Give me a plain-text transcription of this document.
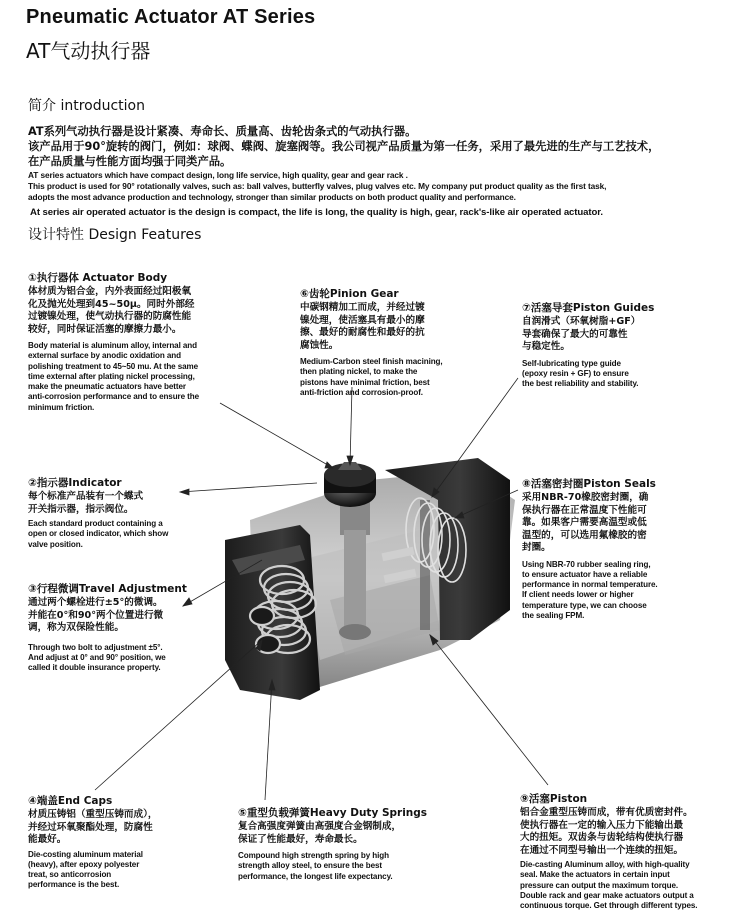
Pneumatic Actuator AT Series
AT气动执行器
简介 introduction
AT系列气动执行器是设计紧凑、寿命长、质量高、齿轮齿条式的气动执行器。
该产品用于90°旋转的阀门，例如：球阀、蝶阀、旋塞阀等。我公司视产品质量为第一任务，采用了最先进的生产与工艺技术，
在产品质量与性能方面均强于同类产品。
AT series actuators which have compact design, long life service, high quality, gear and gear rack .
This product is used for 90° rotationally valves, such as: ball valves, butterfly valves, plug valves etc. My company put product quality as the first task,
adopts the most advance production and technology, stronger than similar products on both product quality and performance.
At series air operated actuator is the design is compact, the life is long, the quality is high, gear, rack's-like air operated actuator.
设计特性 Design Features
①执行器体 Actuator Body
体材质为铝合金，内外表面经过阳极氧
化及抛光处理到45~50μ。同时外部经
过镀镍处理，使气动执行器的防腐性能
较好，同时保证活塞的摩擦力最小。
Body material is aluminum alloy, internal and
external surface by anodic oxidation and
polishing treatment to 45~50 mu. At the same
time external after plating nickel processing,
make the pneumatic actuators have better
anti-corrosion performance and to ensure the
minimum friction.
⑥齿轮Pinion Gear
中碳钢精加工而成，并经过镀
镍处理，使活塞具有最小的摩
擦、最好的耐腐性和最好的抗
腐蚀性。
Medium-Carbon steel finish macining,
then plating nickel, to make the
pistons have minimal friction, best
anti-friction and corrosion-proof.
⑦活塞导套Piston Guides
自润滑式（环氧树脂+GF）
导套确保了最大的可靠性
与稳定性。
Self-lubricating type guide
(epoxy resin + GF) to ensure
the best reliability and stability.
②指示器Indicator
每个标准产品装有一个蝶式
开关指示器，指示阀位。
Each standard product containing a
open or closed indicator, which show
valve position.
⑧活塞密封圈Piston Seals
采用NBR-70橡胶密封圈，确
保执行器在正常温度下性能可
靠。如果客户需要高温型或低
温型的，可以选用氟橡胶的密
封圈。
Using NBR-70 rubber sealing ring,
to ensure actuator have a reliable
performance in normal temperature.
If client needs lower or higher
temperature type, we can choose
the sealing FPM.
③行程微调Travel Adjustment
通过两个螺栓进行±5°的微调。
并能在0°和90°两个位置进行微
调，称为双保险性能。
Through two bolt to adjustment ±5°.
And adjust at 0° and 90° position, we
called it double insurance property.
④端盖End Caps
材质压铸铝（重型压铸而成），
并经过环氧聚酯处理，防腐性
能最好。
Die-costing aluminum material
(heavy), after epoxy polyester
treat, so anticorrosion
performance is the best.
⑤重型负载弹簧Heavy Duty Springs
复合高强度弹簧由高强度合金钢制成，
保证了性能最好，寿命最长。
Compound high strength spring by high
strength alloy steel, to ensure the best
performance, the longest life expectancy.
⑨活塞Piston
铝合金重型压铸而成，带有优质密封件。
使执行器在一定的输入压力下能输出最
大的扭矩。双齿条与齿轮结构使执行器
在通过不同型号输出一个连续的扭矩。
Die-casting Aluminum alloy, with high-quality
seal. Make the actuators in certain input
pressure can output the maximum torque.
Double rack and gear make actuators output a
continuous torque. Get through different types.
